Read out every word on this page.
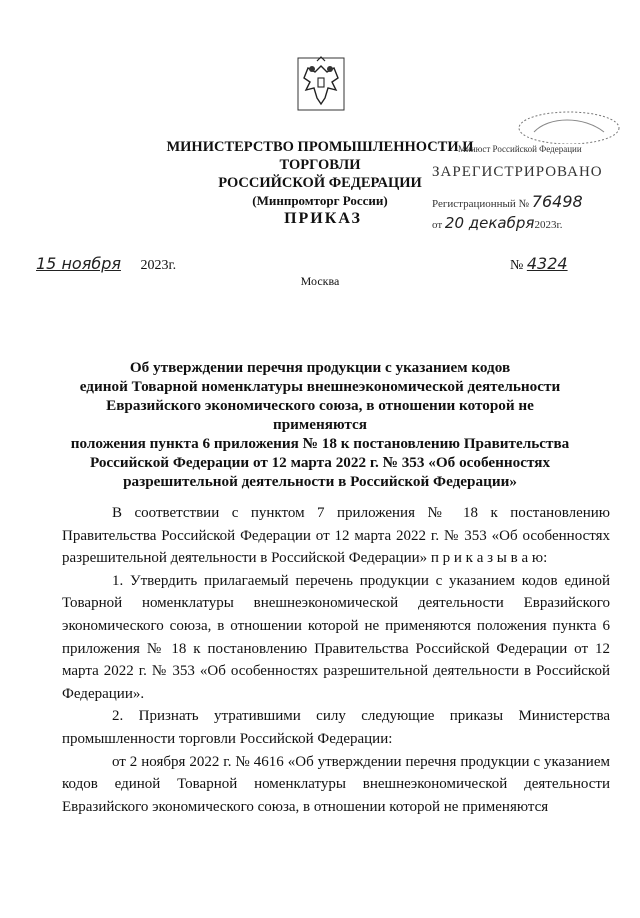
МИНИСТЕРСТВО ПРОМЫШЛЕННОСТИ И ТОРГОВЛИ
РОССИЙСКОЙ ФЕДЕРАЦИИ
(Минпромторг России)
Минюст Российской Федерации
ЗАРЕГИСТРИРОВАНО
Регистрационный № 76498
от 20 декабря2023г.
ПРИКАЗ
15 ноября 2023г.	№ 4324
Москва
Об утверждении перечня продукции с указанием кодов
единой Товарной номенклатуры внешнеэкономической деятельности
Евразийского экономического союза, в отношении которой не применяются
положения пункта 6 приложения № 18 к постановлению Правительства
Российской Федерации от 12 марта 2022 г. № 353 «Об особенностях
разрешительной деятельности в Российской Федерации»

В соответствии с пунктом 7 приложения № 18 к постановлению Правительства Российской Федерации от 12 марта 2022 г. № 353 «Об особенностях разрешительной деятельности в Российской Федерации» п р и к а з ы в а ю:

1. Утвердить прилагаемый перечень продукции с указанием кодов единой Товарной номенклатуры внешнеэкономической деятельности Евразийского экономического союза, в отношении которой не применяются положения пункта 6 приложения № 18 к постановлению Правительства Российской Федерации от 12 марта 2022 г. № 353 «Об особенностях разрешительной деятельности в Российской Федерации».

2. Признать утратившими силу следующие приказы Министерства промышленности торговли Российской Федерации:

от 2 ноября 2022 г. № 4616 «Об утверждении перечня продукции с указанием кодов единой Товарной номенклатуры внешнеэкономической деятельности Евразийского экономического союза, в отношении которой не применяются
